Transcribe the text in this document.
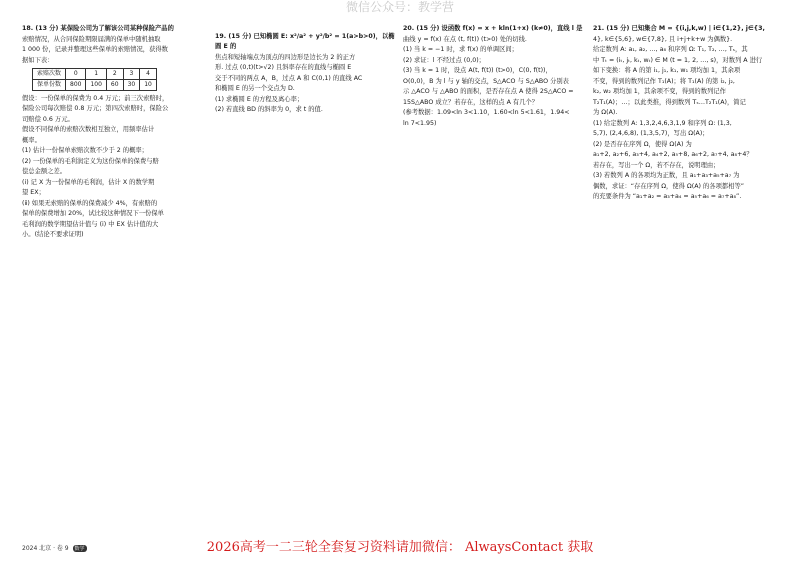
微信公众号：教学营

18. (13 分) 某保险公司为了解该公司某种保险产品的

索赔情况，从合同保险期限届满的保单中随机抽取

1 000 份，记录并整理这些保单的索赔情况，获得数

据如下表：

索赔次数	0	1	2	3	4
保单份数	800	100	60	30	10

假设：一份保单的保费为 0.4 万元；前三次索赔时，

保险公司每次赔偿 0.8 万元；第四次索赔时，保险公

司赔偿 0.6 万元。

假设不同保单的索赔次数相互独立，用频率估计

概率。

(1) 估计一份保单索赔次数不少于 2 的概率；

(2) 一份保单的毛利润定义为这份保单的保费与赔

偿总金额之差。

(ⅰ) 记 X 为一份保单的毛利润，估计 X 的数学期

望 EX；

(ⅱ) 如果无索赔的保单的保费减少 4%，有索赔的

保单的保费增加 20%，试比较这种情况下一份保单

毛利润的数学期望估计值与 (ⅰ) 中 EX 估计值的大

小。(结论不要求证明)

19. (15 分) 已知椭圆 E: x²/a² + y²/b² = 1(a>b>0)，以椭圆 E 的

焦点和短轴端点为顶点的四边形是边长为 2 的正方

形. 过点 (0,t)(t>√2) 且斜率存在的直线与椭圆 E

交于不同的两点 A，B，过点 A 和 C(0,1) 的直线 AC

和椭圆 E 的另一个交点为 D.

(1) 求椭圆 E 的方程及离心率；

(2) 若直线 BD 的斜率为 0，求 t 的值.

20. (15 分) 设函数 f(x) = x + kln(1+x) (k≠0)，直线 l 是

曲线 y = f(x) 在点 (t, f(t)) (t>0) 处的切线.

(1) 当 k = −1 时，求 f(x) 的单调区间；

(2) 求证：l 不经过点 (0,0)；

(3) 当 k = 1 时，设点 A(t, f(t)) (t>0)，C(0, f(t))，

O(0,0)，B 为 l 与 y 轴的交点，S△ACO 与 S△ABO 分别表

示 △ACO 与 △ABO 的面积，是否存在点 A 使得 2S△ACO =

15S△ABO 成立？若存在，这样的点 A 有几个？

(参考数据：1.09<ln 3<1.10，1.60<ln 5<1.61，1.94<

ln 7<1.95)

21. (15 分) 已知集合 M = {(i,j,k,w) | i∈{1,2}, j∈{3,

4}, k∈{5,6}, w∈{7,8}, 且 i+j+k+w 为偶数}.

给定数列 A: a₁, a₂, …, a₈ 和序列 Ω: T₁, T₂, …, Tₛ，其

中 Tₜ = (iₜ, jₜ, kₜ, wₜ) ∈ M (t = 1, 2, …, s)，对数列 A 进行

如下变换：将 A 的第 i₁, j₁, k₁, w₁ 项均加 1，其余项

不变，得到的数列记作 T₁(A)；将 T₁(A) 的第 i₂, j₂,

k₂, w₂ 项均加 1，其余项不变，得到的数列记作

T₂T₁(A)；…；以此类推，得到数列 Tₛ…T₂T₁(A)，简记

为 Ω(A).

(1) 给定数列 A: 1,3,2,4,6,3,1,9 和序列 Ω: (1,3,

5,7), (2,4,6,8), (1,3,5,7)，写出 Ω(A)；

(2) 是否存在序列 Ω，使得 Ω(A) 为

a₁+2, a₂+6, a₃+4, a₄+2, a₅+8, a₆+2, a₇+4, a₈+4？

若存在，写出一个 Ω，若不存在，说明理由；

(3) 若数列 A 的各项均为正数，且 a₁+a₃+a₅+a₇ 为

偶数，求证：“存在序列 Ω，使得 Ω(A) 的各项都相等”

的充要条件为 “a₁+a₂ = a₃+a₄ = a₅+a₆ = a₇+a₈”.

2026高考一二三轮全套复习资料请加微信： AlwaysContact 获取
2024 北京 · 卷 9 数学
